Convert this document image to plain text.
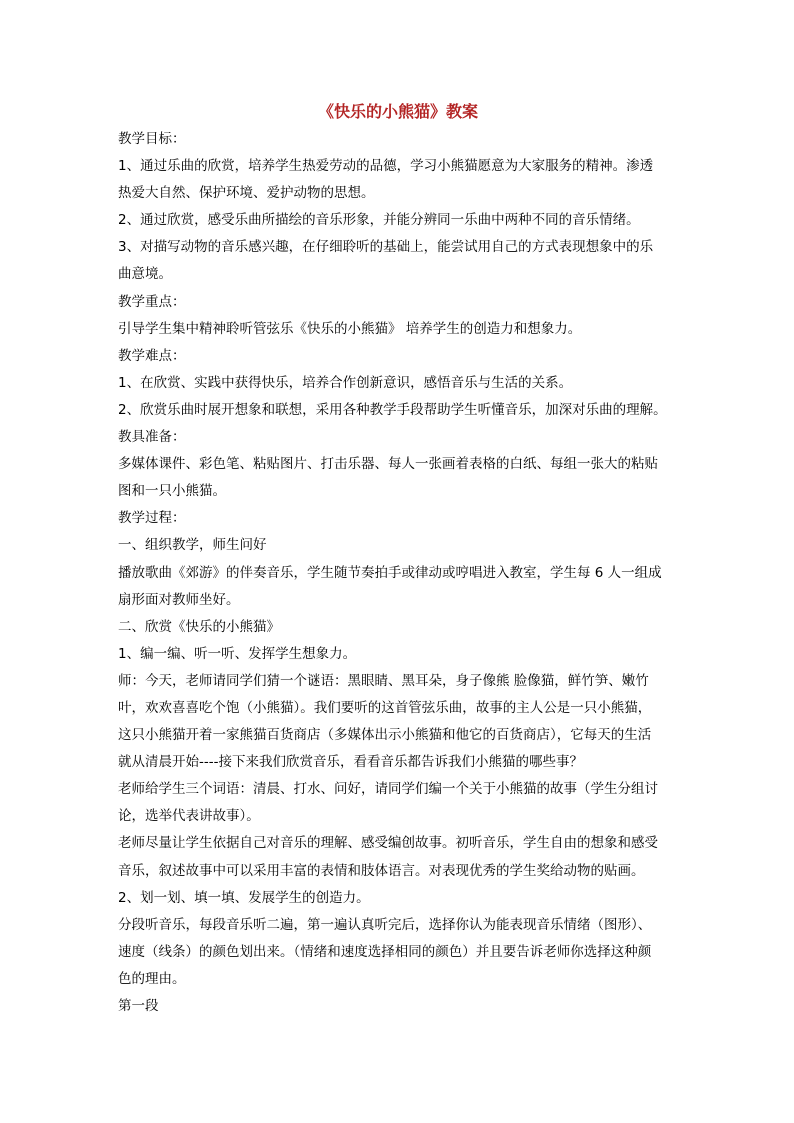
《快乐的小熊猫》教案
教学目标：
1、通过乐曲的欣赏，培养学生热爱劳动的品德，学习小熊猫愿意为大家服务的精神。渗透
热爱大自然、保护环境、爱护动物的思想。
2、通过欣赏，感受乐曲所描绘的音乐形象，并能分辨同一乐曲中两种不同的音乐情绪。
3、对描写动物的音乐感兴趣，在仔细聆听的基础上，能尝试用自己的方式表现想象中的乐
曲意境。
教学重点：
引导学生集中精神聆听管弦乐《快乐的小熊猫》 培养学生的创造力和想象力。
教学难点：
1、在欣赏、实践中获得快乐，培养合作创新意识，感悟音乐与生活的关系。
2、欣赏乐曲时展开想象和联想，采用各种教学手段帮助学生听懂音乐，加深对乐曲的理解。
教具准备：
多媒体课件、彩色笔、粘贴图片、打击乐器、每人一张画着表格的白纸、每组一张大的粘贴
图和一只小熊猫。
教学过程：
一、组织教学，师生问好
播放歌曲《郊游》的伴奏音乐，学生随节奏拍手或律动或哼唱进入教室，学生每 6 人一组成
扇形面对教师坐好。
二、欣赏《快乐的小熊猫》
1、编一编、听一听、发挥学生想象力。
师：今天，老师请同学们猜一个谜语：黑眼睛、黑耳朵，身子像熊 脸像猫，鲜竹笋、嫩竹
叶，欢欢喜喜吃个饱（小熊猫）。我们要听的这首管弦乐曲，故事的主人公是一只小熊猫，
这只小熊猫开着一家熊猫百货商店（多媒体出示小熊猫和他它的百货商店），它每天的生活
就从清晨开始----接下来我们欣赏音乐，看看音乐都告诉我们小熊猫的哪些事？
老师给学生三个词语：清晨、打水、问好，请同学们编一个关于小熊猫的故事（学生分组讨
论，选举代表讲故事）。
老师尽量让学生依据自己对音乐的理解、感受编创故事。初听音乐，学生自由的想象和感受
音乐，叙述故事中可以采用丰富的表情和肢体语言。对表现优秀的学生奖给动物的贴画。
2、划一划、填一填、发展学生的创造力。
分段听音乐，每段音乐听二遍，第一遍认真听完后，选择你认为能表现音乐情绪（图形）、
速度（线条）的颜色划出来。（情绪和速度选择相同的颜色）并且要告诉老师你选择这种颜
色的理由。
第一段
